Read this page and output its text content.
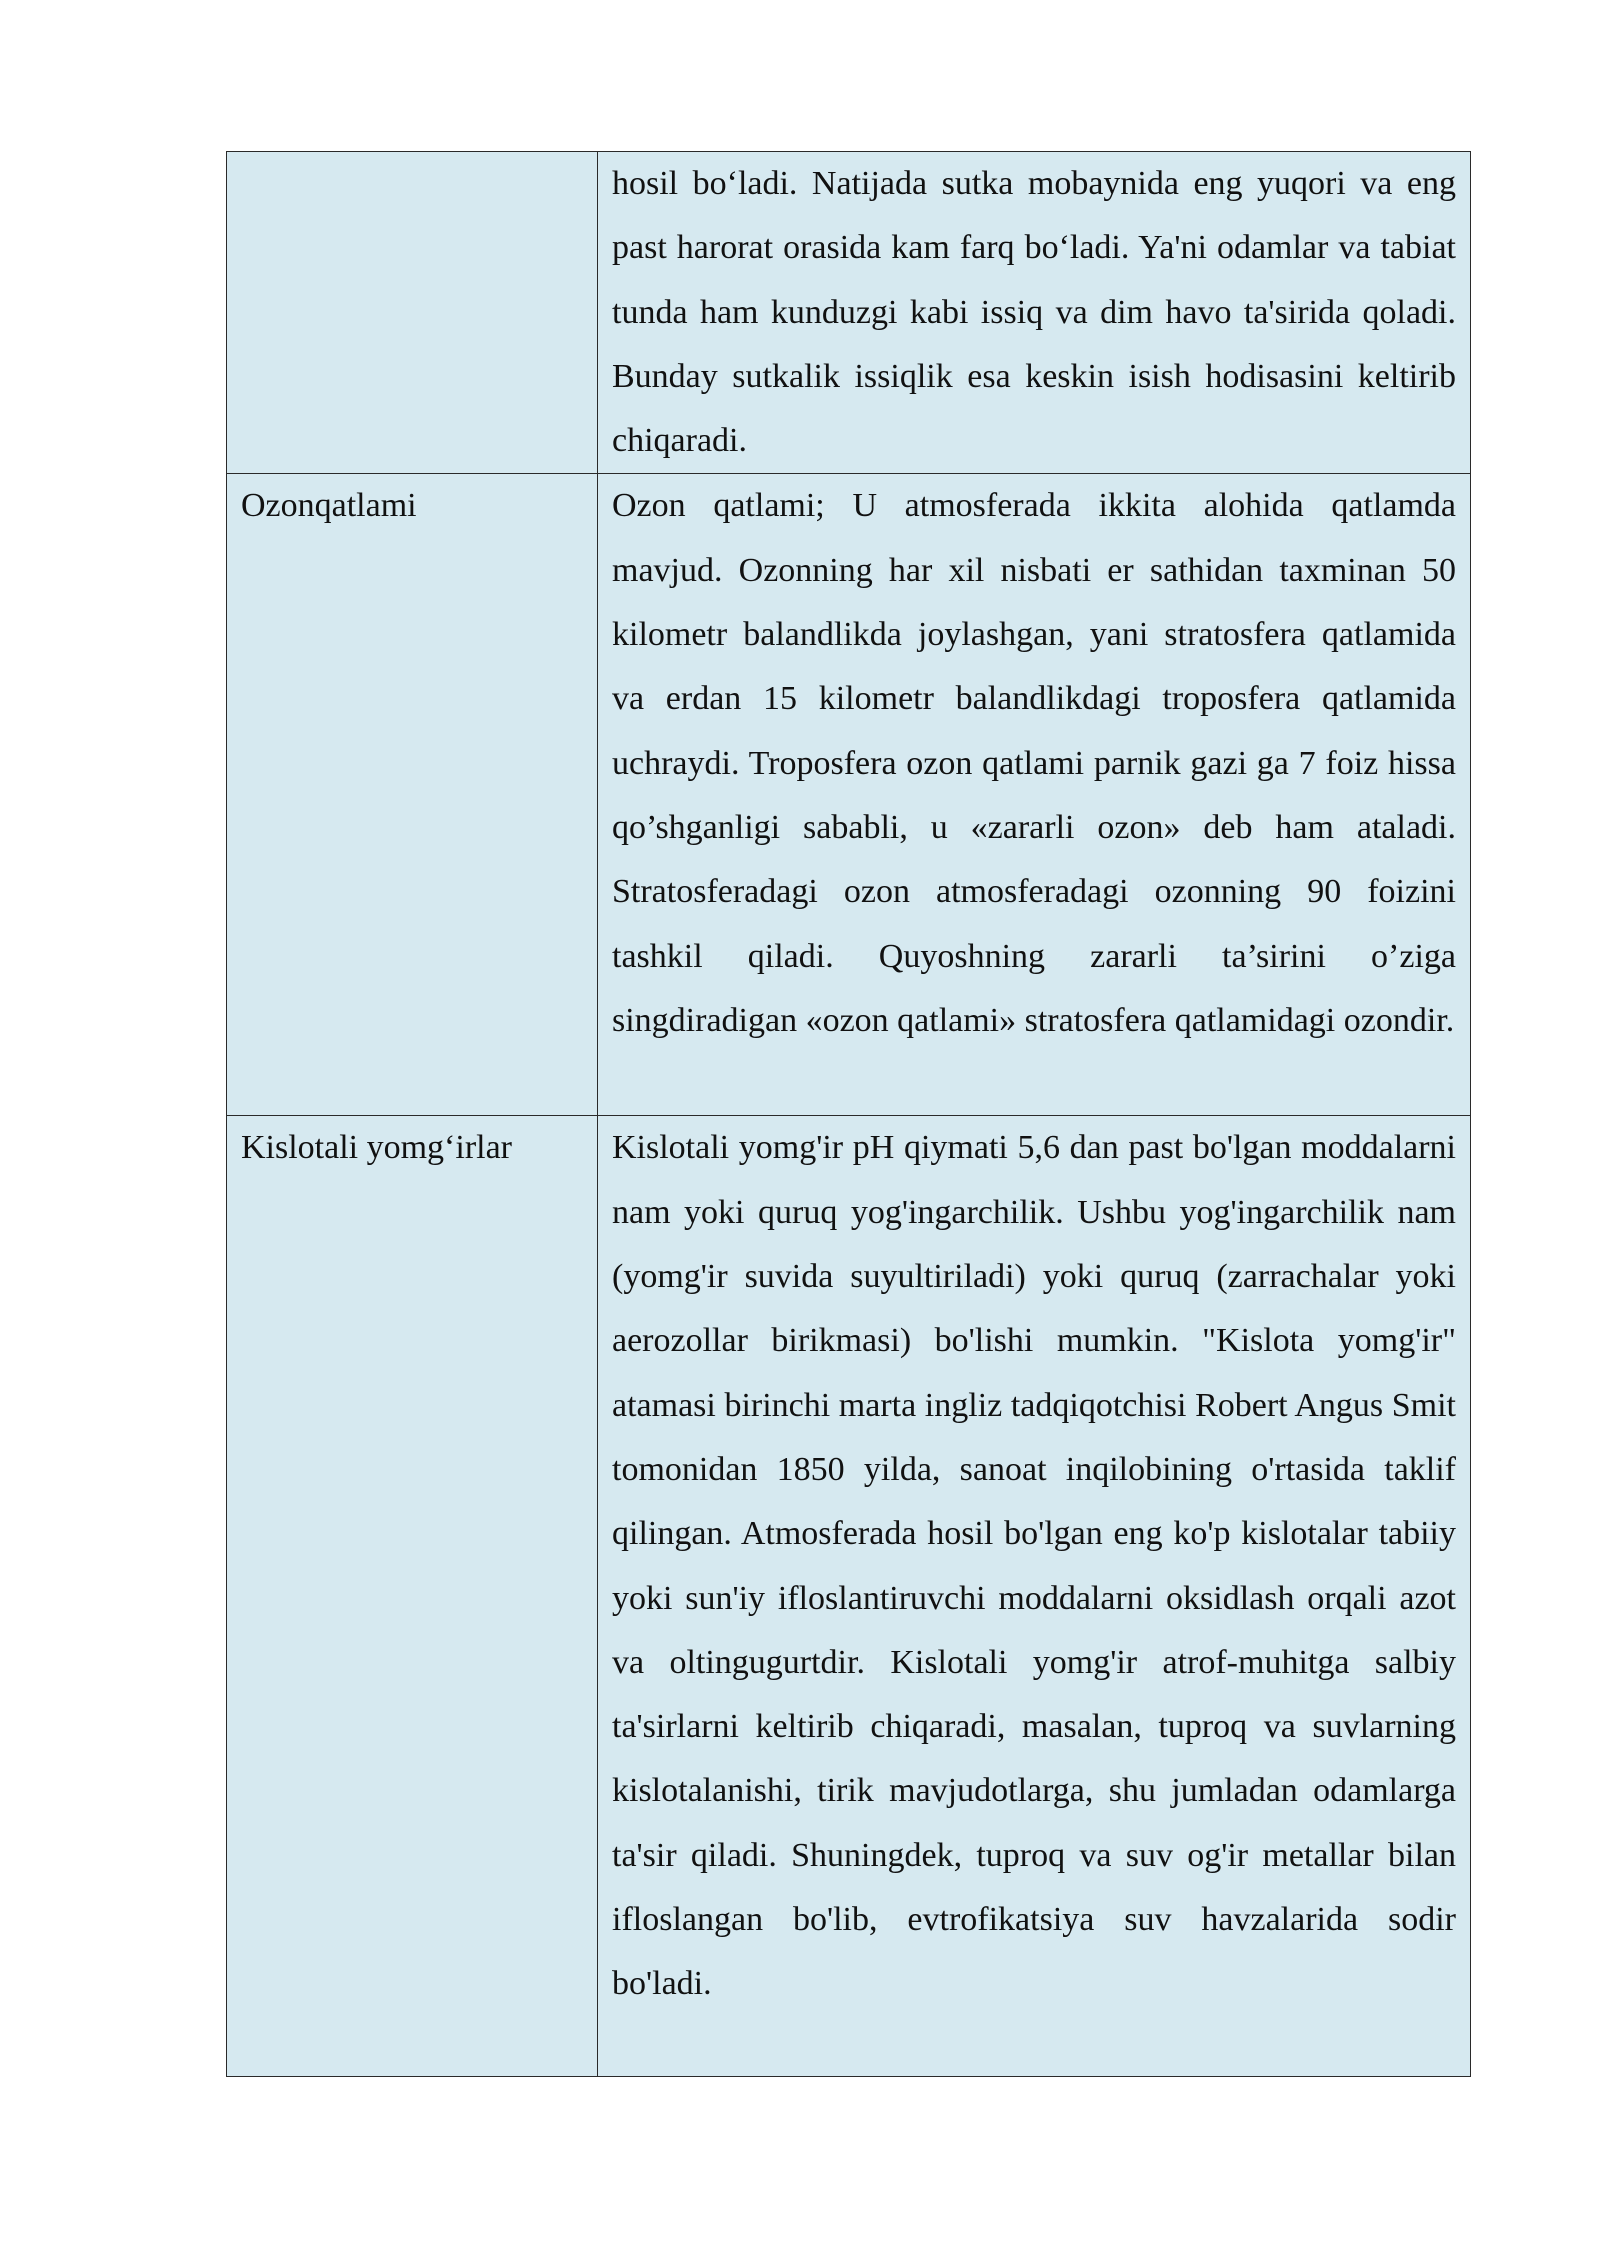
	hosil bo‘ladi. Natijada sutka mobaynida eng yuqori va eng past harorat orasida kam farq bo‘ladi. Ya'ni odamlar va tabiat tunda ham kunduzgi kabi issiq va dim havo ta'sirida qoladi. Bunday sutkalik issiqlik esa keskin isish hodisasini keltirib chiqaradi.
Ozonqatlami	Ozon qatlami; U atmosferada ikkita alohida qatlamda mavjud. Ozonning har xil nisbati er sathidan taxminan 50 kilometr balandlikda joylashgan, yani stratosfera qatlamida va erdan 15 kilometr balandlikdagi troposfera qatlamida uchraydi. Troposfera ozon qatlami parnik gazi ga 7 foiz hissa qo’shganligi sababli, u «zararli ozon» deb ham ataladi. Stratosferadagi ozon atmosferadagi ozonning 90 foizini tashkil qiladi. Quyoshning zararli ta’sirini o’ziga singdiradigan «ozon qatlami» stratosfera qatlamidagi ozondir.
Kislotali yomg‘irlar	Kislotali yomg'ir pH qiymati 5,6 dan past bo'lgan moddalarni nam yoki quruq yog'ingarchilik. Ushbu yog'ingarchilik nam (yomg'ir suvida suyultiriladi) yoki quruq (zarrachalar yoki aerozollar birikmasi) bo'lishi mumkin. "Kislota yomg'ir" atamasi birinchi marta ingliz tadqiqotchisi Robert Angus Smit tomonidan 1850 yilda, sanoat inqilobining o'rtasida taklif qilingan. Atmosferada hosil bo'lgan eng ko'p kislotalar tabiiy yoki sun'iy ifloslantiruvchi moddalarni oksidlash orqali azot va oltingugurtdir. Kislotali yomg'ir atrof-muhitga salbiy ta'sirlarni keltirib chiqaradi, masalan, tuproq va suvlarning kislotalanishi, tirik mavjudotlarga, shu jumladan odamlarga ta'sir qiladi. Shuningdek, tuproq va suv og'ir metallar bilan ifloslangan bo'lib, evtrofikatsiya suv havzalarida sodir bo'ladi.
